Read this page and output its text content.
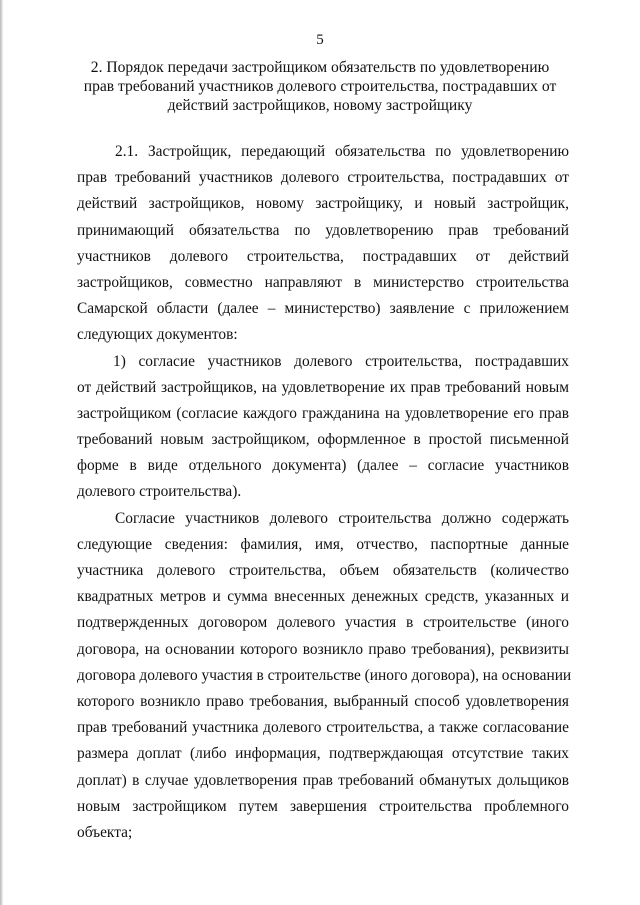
5
2. Порядок передачи застройщиком обязательств по удовлетворению
прав требований участников долевого строительства, пострадавших от
действий застройщиков, новому застройщику
2.1. Застройщик, передающий обязательства по удовлетворению
прав требований участников долевого строительства, пострадавших от
действий застройщиков, новому застройщику, и новый застройщик,
принимающий обязательства по удовлетворению прав требований
участников долевого строительства, пострадавших от действий
застройщиков, совместно направляют в министерство строительства
Самарской области (далее – министерство) заявление с приложением
следующих документов:
1) согласие участников долевого строительства, пострадавших
от действий застройщиков, на удовлетворение их прав требований новым
застройщиком (согласие каждого гражданина на удовлетворение его прав
требований новым застройщиком, оформленное в простой письменной
форме в виде отдельного документа) (далее – согласие участников
долевого строительства).
Согласие участников долевого строительства должно содержать
следующие сведения: фамилия, имя, отчество, паспортные данные
участника долевого строительства, объем обязательств (количество
квадратных метров и сумма внесенных денежных средств, указанных и
подтвержденных договором долевого участия в строительстве (иного
договора, на основании которого возникло право требования), реквизиты
договора долевого участия в строительстве (иного договора), на основании
которого возникло право требования, выбранный способ удовлетворения
прав требований участника долевого строительства, а также согласование
размера доплат (либо информация, подтверждающая отсутствие таких
доплат) в случае удовлетворения прав требований обманутых дольщиков
новым застройщиком путем завершения строительства проблемного
объекта;
